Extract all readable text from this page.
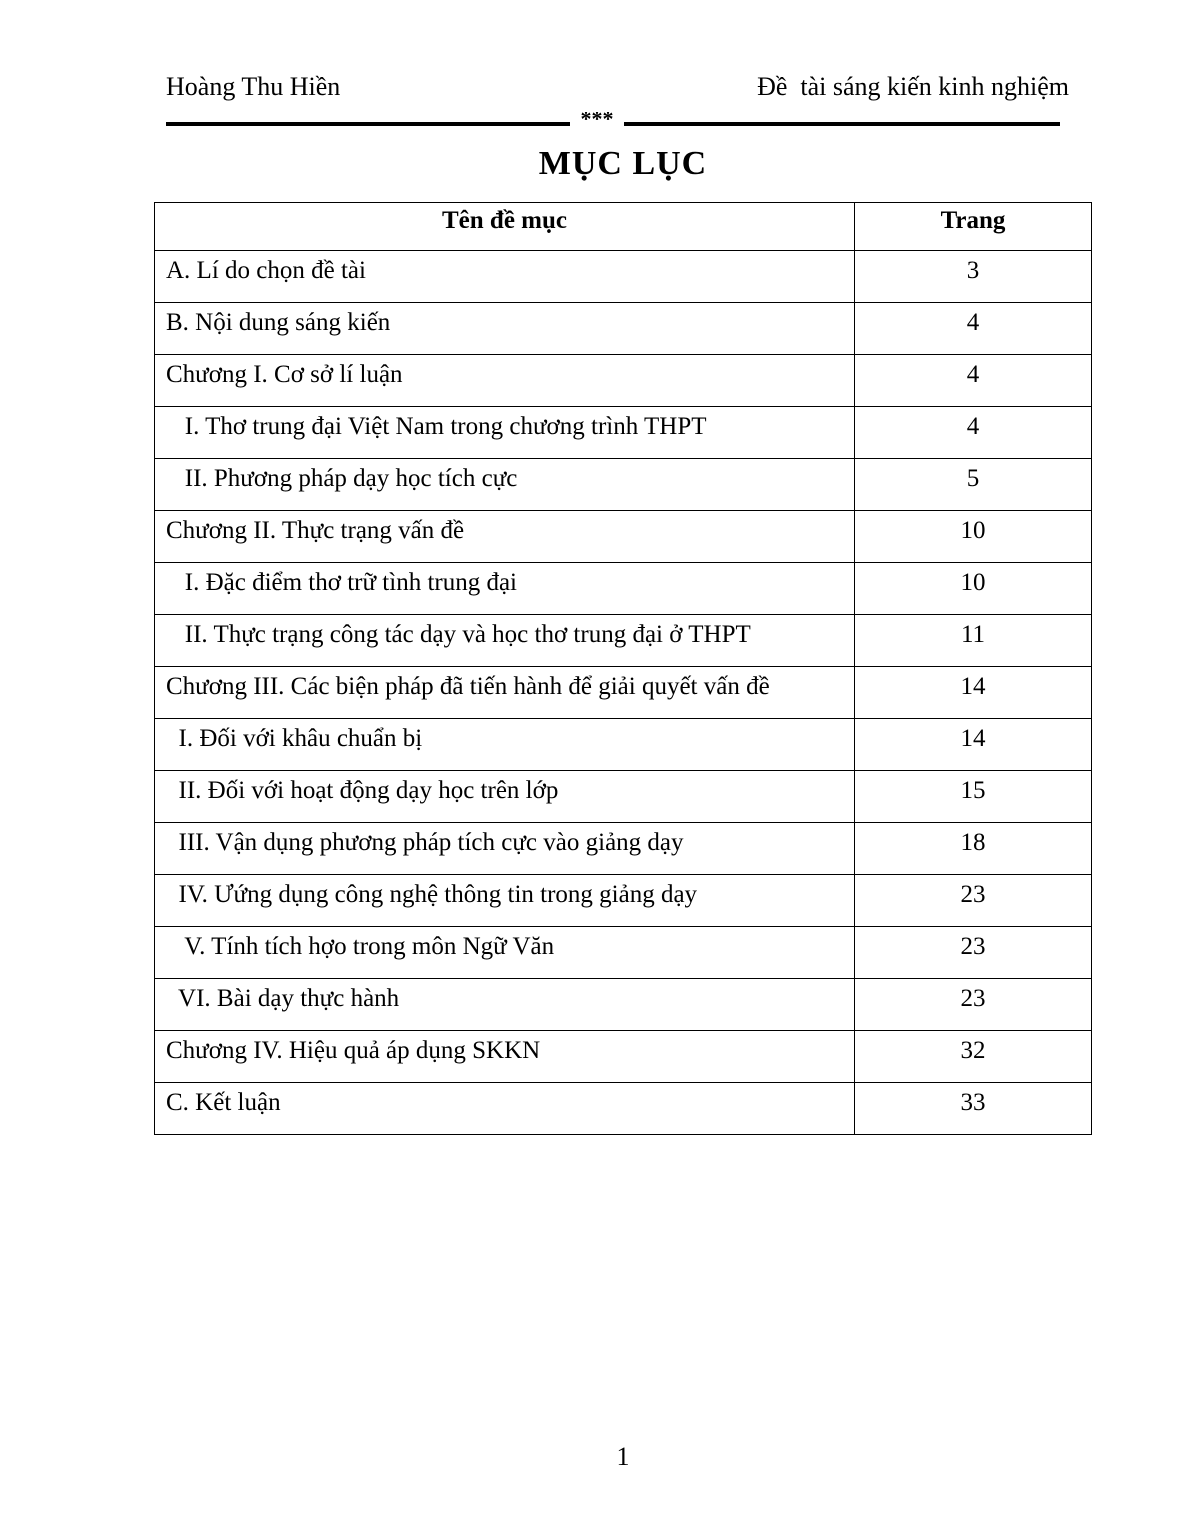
Hoàng Thu Hiền	Đề  tài sáng kiến kinh nghiệm
***
MỤC LỤC
Tên đề mục	Trang
A. Lí do chọn đề tài	3
B. Nội dung sáng kiến	4
Chương I. Cơ sở lí luận	4
I. Thơ trung đại Việt Nam trong chương trình THPT	4
II. Phương pháp dạy học tích cực	5
Chương II. Thực trạng vấn đề	10
I. Đặc điểm thơ trữ tình trung đại	10
II. Thực trạng công tác dạy và học thơ trung đại ở THPT	11
Chương III. Các biện pháp đã tiến hành để giải quyết vấn đề	14
I. Đối với khâu chuẩn bị	14
II. Đối với hoạt động dạy học trên lớp	15
III. Vận dụng phương pháp tích cực vào giảng dạy	18
IV. Ưứng dụng công nghệ thông tin trong giảng dạy	23
V. Tính tích hợo trong môn Ngữ Văn	23
VI. Bài dạy thực hành	23
Chương IV. Hiệu quả áp dụng SKKN	32
C. Kết luận	33
1
